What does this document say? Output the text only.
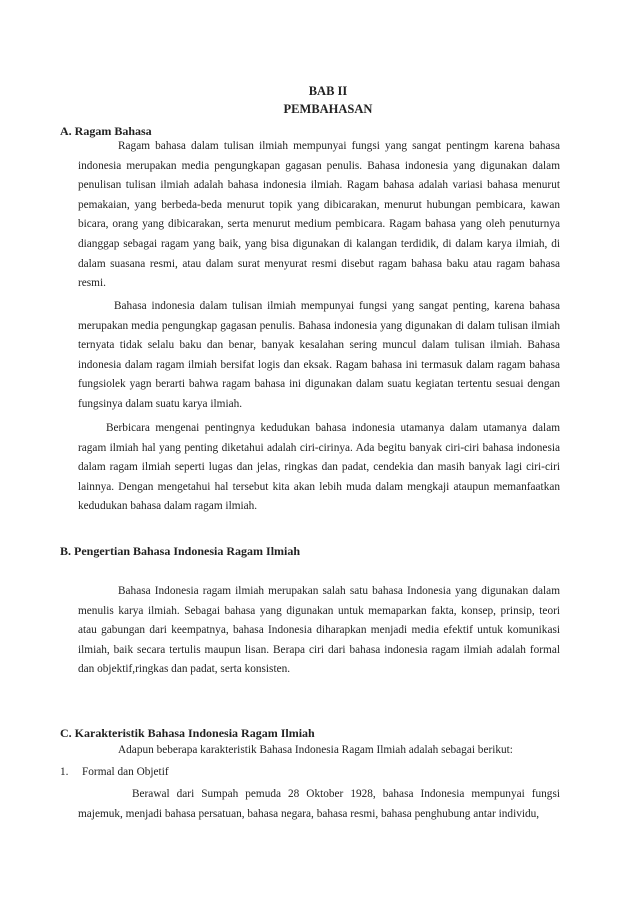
BAB II
PEMBAHASAN
A. Ragam Bahasa
Ragam bahasa dalam tulisan ilmiah mempunyai fungsi yang sangat pentingm karena bahasa indonesia merupakan media pengungkapan gagasan penulis. Bahasa indonesia yang digunakan dalam penulisan tulisan ilmiah adalah bahasa indonesia ilmiah. Ragam bahasa adalah variasi bahasa menurut pemakaian, yang berbeda-beda menurut topik yang dibicarakan, menurut hubungan pembicara, kawan bicara, orang yang dibicarakan, serta menurut medium pembicara. Ragam bahasa yang oleh penuturnya dianggap sebagai ragam yang baik, yang bisa digunakan di kalangan terdidik, di dalam karya ilmiah, di dalam suasana resmi, atau dalam surat menyurat resmi disebut ragam bahasa baku atau ragam bahasa resmi.
Bahasa indonesia dalam tulisan ilmiah mempunyai fungsi yang sangat penting, karena bahasa merupakan media pengungkap gagasan penulis. Bahasa indonesia yang digunakan di dalam tulisan ilmiah ternyata tidak selalu baku dan benar, banyak kesalahan sering muncul dalam tulisan ilmiah. Bahasa indonesia dalam ragam ilmiah bersifat logis dan eksak. Ragam bahasa ini termasuk dalam ragam bahasa fungsiolek yagn berarti bahwa ragam bahasa ini digunakan dalam suatu kegiatan tertentu sesuai dengan fungsinya dalam suatu karya ilmiah.
Berbicara mengenai pentingnya kedudukan bahasa indonesia utamanya dalam utamanya dalam ragam ilmiah hal yang penting diketahui adalah ciri-cirinya. Ada begitu banyak ciri-ciri bahasa indonesia dalam ragam ilmiah seperti lugas dan jelas, ringkas dan padat, cendekia dan masih banyak lagi ciri-ciri lainnya. Dengan mengetahui hal tersebut kita akan lebih muda dalam mengkaji ataupun memanfaatkan kedudukan bahasa dalam ragam ilmiah.
B. Pengertian Bahasa Indonesia Ragam Ilmiah
Bahasa Indonesia ragam ilmiah merupakan salah satu bahasa Indonesia yang digunakan dalam menulis karya ilmiah. Sebagai bahasa yang digunakan untuk memaparkan fakta, konsep, prinsip, teori atau gabungan dari keempatnya, bahasa Indonesia diharapkan menjadi media efektif untuk komunikasi ilmiah, baik secara tertulis maupun lisan. Berapa ciri dari bahasa indonesia ragam ilmiah adalah formal dan objektif,ringkas dan padat, serta konsisten.
C. Karakteristik Bahasa Indonesia Ragam Ilmiah
Adapun beberapa karakteristik Bahasa Indonesia Ragam Ilmiah adalah sebagai berikut:
1. Formal dan Objetif
Berawal dari Sumpah pemuda 28 Oktober 1928, bahasa Indonesia mempunyai fungsi majemuk, menjadi bahasa persatuan, bahasa negara, bahasa resmi, bahasa penghubung antar individu,
